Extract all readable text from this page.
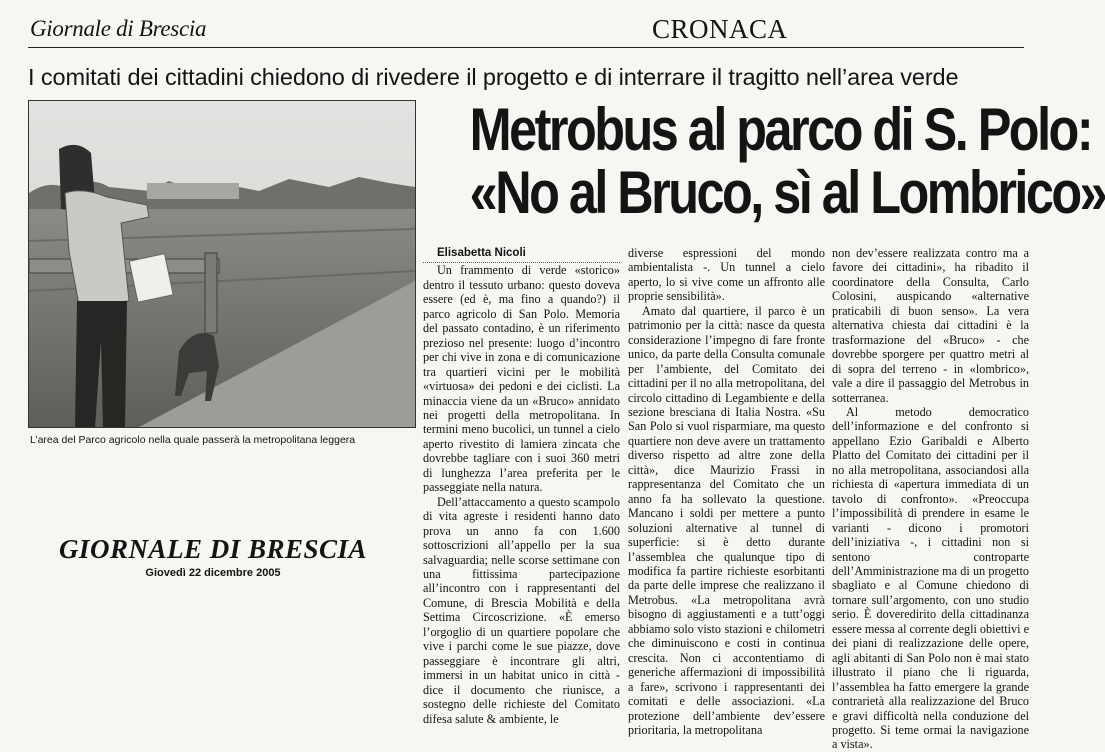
Giornale di Brescia	CRONACA
I comitati dei cittadini chiedono di rivedere il progetto e di interrare il tragitto nell’area verde
Metrobus al parco di S. Polo:
«No al Bruco, sì al Lombrico»
L’area del Parco agricolo nella quale passerà la metropolitana leggera
GIORNALE DI BRESCIA
Giovedì 22 dicembre 2005

Elisabetta Nicoli

Un frammento di verde «storico» dentro il tessuto urbano: questo doveva essere (ed è, ma fino a quando?) il parco agricolo di San Polo. Memoria del passato contadino, è un riferimento prezioso nel presente: luogo d’incontro per chi vive in zona e di comunicazione tra quartieri vicini per le mobilità «virtuosa» dei pedoni e dei ciclisti. La minaccia viene da un «Bruco» annidato nei progetti della metropolitana. In termini meno bucolici, un tunnel a cielo aperto rivestito di lamiera zincata che dovrebbe tagliare con i suoi 360 metri di lunghezza l’area preferita per le passeggiate nella natura.

Dell’attaccamento a questo scampolo di vita agreste i residenti hanno dato prova un anno fa con 1.600 sottoscrizioni all’appello per la sua salvaguardia; nelle scorse settimane con una fittissima partecipazione all’incontro con i rappresentanti del Comune, di Brescia Mobilità e della Settima Circoscrizione. «È emerso l’orgoglio di un quartiere popolare che vive i parchi come le sue piazze, dove passeggiare è incontrare gli altri, immersi in un habitat unico in città - dice il documento che riunisce, a sostegno delle richieste del Comitato difesa salute & ambiente, le

diverse espressioni del mondo ambientalista -. Un tunnel a cielo aperto, lo si vive come un affronto alle proprie sensibilità».

Amato dal quartiere, il parco è un patrimonio per la città: nasce da questa considerazione l’impegno di fare fronte unico, da parte della Consulta comunale per l’ambiente, del Comitato dei cittadini per il no alla metropolitana, del circolo cittadino di Legambiente e della sezione bresciana di Italia Nostra. «Su San Polo si vuol risparmiare, ma questo quartiere non deve avere un trattamento diverso rispetto ad altre zone della città», dice Maurizio Frassi in rappresentanza del Comitato che un anno fa ha sollevato la questione. Mancano i soldi per mettere a punto soluzioni alternative al tunnel di superficie: si è detto durante l’assemblea che qualunque tipo di modifica fa partire richieste esorbitanti da parte delle imprese che realizzano il Metrobus. «La metropolitana avrà bisogno di aggiustamenti e a tutt’oggi abbiamo solo visto stazioni e chilometri che diminuiscono e costi in continua crescita. Non ci accontentiamo di generiche affermazioni di impossibilità a fare», scrivono i rappresentanti dei comitati e delle associazioni. «La protezione dell’ambiente dev’essere prioritaria, la metropolitana

non dev’essere realizzata contro ma a favore dei cittadini», ha ribadito il coordinatore della Consulta, Carlo Colosini, auspicando «alternative praticabili di buon senso». La vera alternativa chiesta dai cittadini è la trasformazione del «Bruco» - che dovrebbe sporgere per quattro metri al di sopra del terreno - in «lombrico», vale a dire il passaggio del Metrobus in sotterranea.

Al metodo democratico dell’informazione e del confronto si appellano Ezio Garibaldi e Alberto Platto del Comitato dei cittadini per il no alla metropolitana, associandosi alla richiesta di «apertura immediata di un tavolo di confronto». «Preoccupa l’impossibilità di prendere in esame le varianti - dicono i promotori dell’iniziativa -, i cittadini non si sentono controparte dell’Amministrazione ma di un progetto sbagliato e al Comune chiedono di tornare sull’argomento, con uno studio serio. È doveredirito della cittadinanza essere messa al corrente degli obiettivi e dei piani di realizzazione delle opere, agli abitanti di San Polo non è mai stato illustrato il piano che li riguarda, l’assemblea ha fatto emergere la grande contrarietà alla realizzazione del Bruco e gravi difficoltà nella conduzione del progetto. Si teme ormai la navigazione a vista».
